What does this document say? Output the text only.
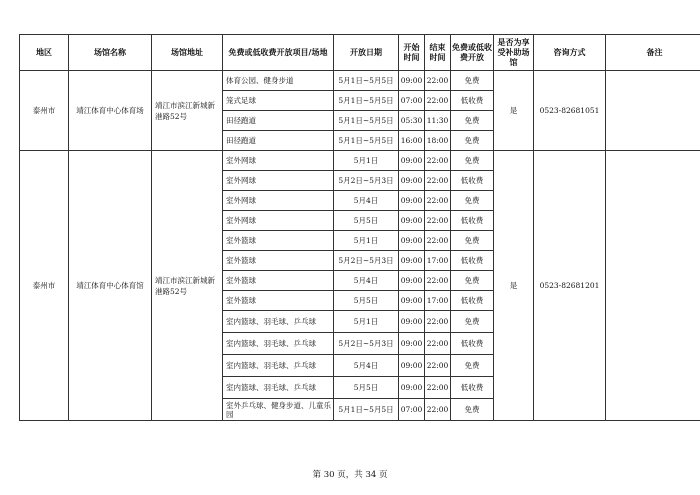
地区	场馆名称	场馆地址	免费或低收费开放项目/场地	开放日期	开始时间	结束时间	免费或低收费开放	是否为享受补助场馆	咨询方式	备注
泰州市	靖江体育中心体育场	靖江市滨江新城新港路52号	体育公园、健身步道	5月1日~5月5日	09:00	22:00	免费	是	0523-82681051	
			笼式足球	5月1日~5月5日	07:00	22:00	低收费			
			田径跑道	5月1日~5月5日	05:30	11:30	免费			
			田径跑道	5月1日~5月5日	16:00	18:00	免费			
泰州市	靖江体育中心体育馆	靖江市滨江新城新港路52号	室外网球	5月1日	09:00	22:00	免费	是	0523-82681201	
			室外网球	5月2日~5月3日	09:00	22:00	低收费			
			室外网球	5月4日	09:00	22:00	免费			
			室外网球	5月5日	09:00	22:00	低收费			
			室外篮球	5月1日	09:00	22:00	免费			
			室外篮球	5月2日~5月3日	09:00	17:00	低收费			
			室外篮球	5月4日	09:00	22:00	免费			
			室外篮球	5月5日	09:00	17:00	低收费			
			室内篮球、羽毛球、乒乓球	5月1日	09:00	22:00	免费			
			室内篮球、羽毛球、乒乓球	5月2日~5月3日	09:00	22:00	低收费			
			室内篮球、羽毛球、乒乓球	5月4日	09:00	22:00	免费			
			室内篮球、羽毛球、乒乓球	5月5日	09:00	22:00	低收费			
			室外乒乓球、健身步道、儿童乐园	5月1日~5月5日	07:00	22:00	免费			
第 30 页，共 34 页
